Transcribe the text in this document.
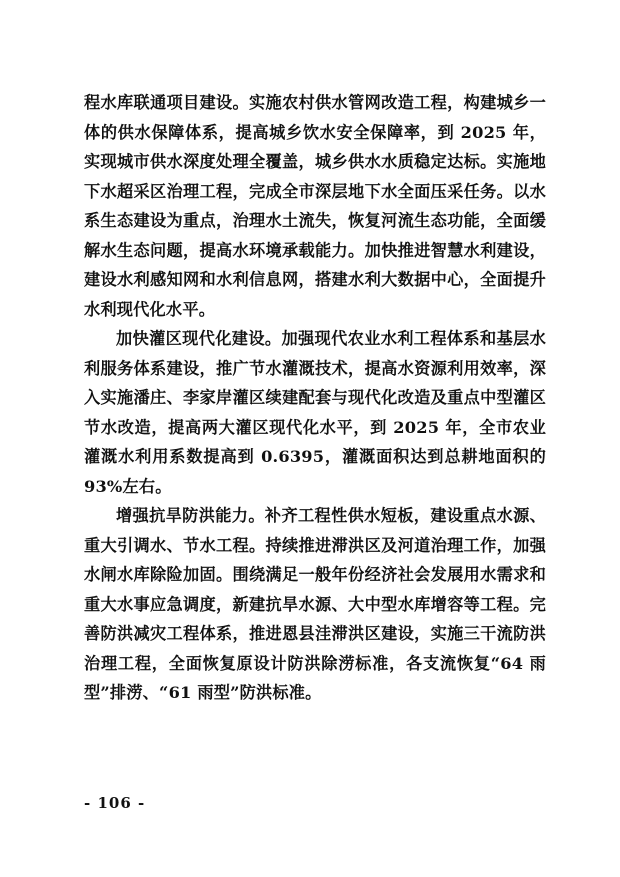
程水库联通项目建设。实施农村供水管网改造工程，构建城乡一体的供水保障体系，提高城乡饮水安全保障率，到 2025 年，实现城市供水深度处理全覆盖，城乡供水水质稳定达标。实施地下水超采区治理工程，完成全市深层地下水全面压采任务。以水系生态建设为重点，治理水土流失，恢复河流生态功能，全面缓解水生态问题，提高水环境承载能力。加快推进智慧水利建设，建设水利感知网和水利信息网，搭建水利大数据中心，全面提升水利现代化水平。

加快灌区现代化建设。加强现代农业水利工程体系和基层水利服务体系建设，推广节水灌溉技术，提高水资源利用效率，深入实施潘庄、李家岸灌区续建配套与现代化改造及重点中型灌区节水改造，提高两大灌区现代化水平，到 2025 年，全市农业灌溉水利用系数提高到 0.6395，灌溉面积达到总耕地面积的 93%左右。

增强抗旱防洪能力。补齐工程性供水短板，建设重点水源、重大引调水、节水工程。持续推进滞洪区及河道治理工作，加强水闸水库除险加固。围绕满足一般年份经济社会发展用水需求和重大水事应急调度，新建抗旱水源、大中型水库增容等工程。完善防洪减灾工程体系，推进恩县洼滞洪区建设，实施三干流防洪治理工程，全面恢复原设计防洪除涝标准，各支流恢复“64 雨型”排涝、“61 雨型”防洪标准。

- 106 -
